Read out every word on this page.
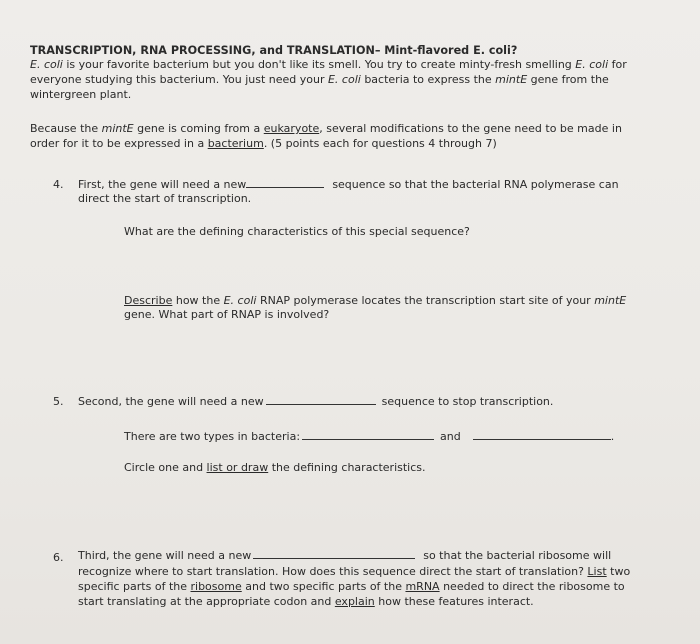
TRANSCRIPTION, RNA PROCESSING, and TRANSLATION– Mint-flavored E. coli?
E. coli is your favorite bacterium but you don't like its smell. You try to create minty-fresh smelling E. coli for
everyone studying this bacterium. You just need your E. coli bacteria to express the mintE gene from the
wintergreen plant.
Because the mintE gene is coming from a eukaryote, several modifications to the gene need to be made in
order for it to be expressed in a bacterium. (5 points each for questions 4 through 7)
4. First, the gene will need a new	sequence so that the bacterial RNA polymerase can
direct the start of transcription.
What are the defining characteristics of this special sequence?
Describe how the E. coli RNAP polymerase locates the transcription start site of your mintE
gene. What part of RNAP is involved?
5. Second, the gene will need a new	sequence to stop transcription.
There are two types in bacteria:	and	.
Circle one and list or draw the defining characteristics.
6. Third, the gene will need a new	so that the bacterial ribosome will
recognize where to start translation. How does this sequence direct the start of translation? List two
specific parts of the ribosome and two specific parts of the mRNA needed to direct the ribosome to
start translating at the appropriate codon and explain how these features interact.
